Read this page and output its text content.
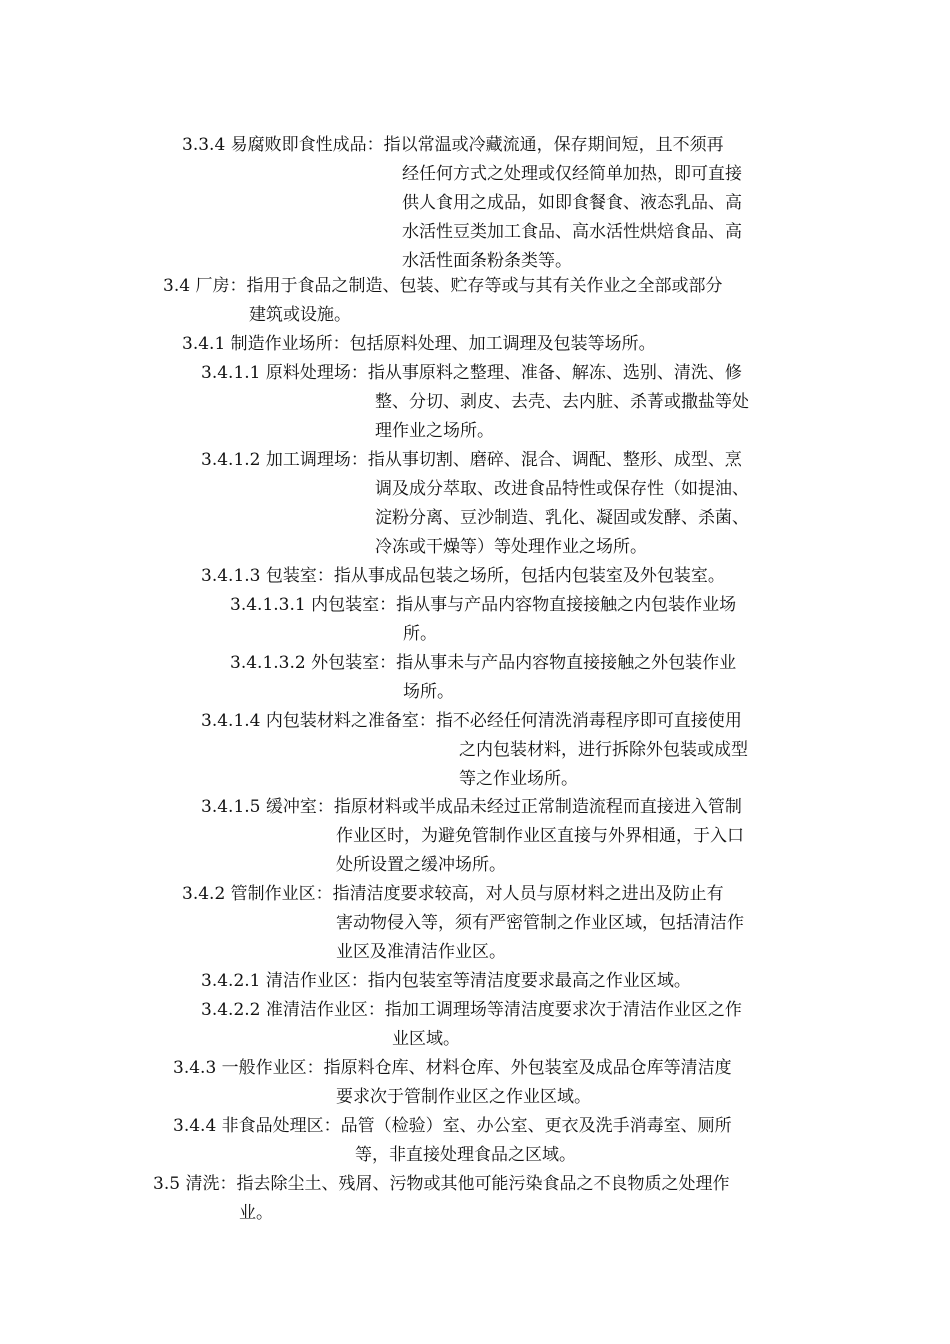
3.3.4 易腐败即食性成品：指以常温或冷藏流通，保存期间短，且不须再
经任何方式之处理或仅经简单加热，即可直接
供人食用之成品，如即食餐食、液态乳品、高
水活性豆类加工食品、高水活性烘焙食品、高
水活性面条粉条类等。
3.4 厂房：指用于食品之制造、包装、贮存等或与其有关作业之全部或部分
建筑或设施。
3.4.1 制造作业场所：包括原料处理、加工调理及包装等场所。
3.4.1.1 原料处理场：指从事原料之整理、准备、解冻、选别、清洗、修
整、分切、剥皮、去壳、去内脏、杀菁或撒盐等处
理作业之场所。
3.4.1.2 加工调理场：指从事切割、磨碎、混合、调配、整形、成型、烹
调及成分萃取、改进食品特性或保存性（如提油、
淀粉分离、豆沙制造、乳化、凝固或发酵、杀菌、
冷冻或干燥等）等处理作业之场所。
3.4.1.3 包装室：指从事成品包装之场所，包括内包装室及外包装室。
3.4.1.3.1 内包装室：指从事与产品内容物直接接触之内包装作业场
所。
3.4.1.3.2 外包装室：指从事未与产品内容物直接接触之外包装作业
场所。
3.4.1.4 内包装材料之准备室：指不必经任何清洗消毒程序即可直接使用
之内包装材料，进行拆除外包装或成型
等之作业场所。
3.4.1.5 缓冲室：指原材料或半成品未经过正常制造流程而直接进入管制
作业区时，为避免管制作业区直接与外界相通，于入口
处所设置之缓冲场所。
3.4.2 管制作业区：指清洁度要求较高，对人员与原材料之进出及防止有
害动物侵入等，须有严密管制之作业区域，包括清洁作
业区及准清洁作业区。
3.4.2.1 清洁作业区：指内包装室等清洁度要求最高之作业区域。
3.4.2.2 准清洁作业区：指加工调理场等清洁度要求次于清洁作业区之作
业区域。
3.4.3 一般作业区：指原料仓库、材料仓库、外包装室及成品仓库等清洁度
要求次于管制作业区之作业区域。
3.4.4 非食品处理区：品管（检验）室、办公室、更衣及洗手消毒室、厕所
等，非直接处理食品之区域。
3.5 清洗：指去除尘土、残屑、污物或其他可能污染食品之不良物质之处理作
业。
